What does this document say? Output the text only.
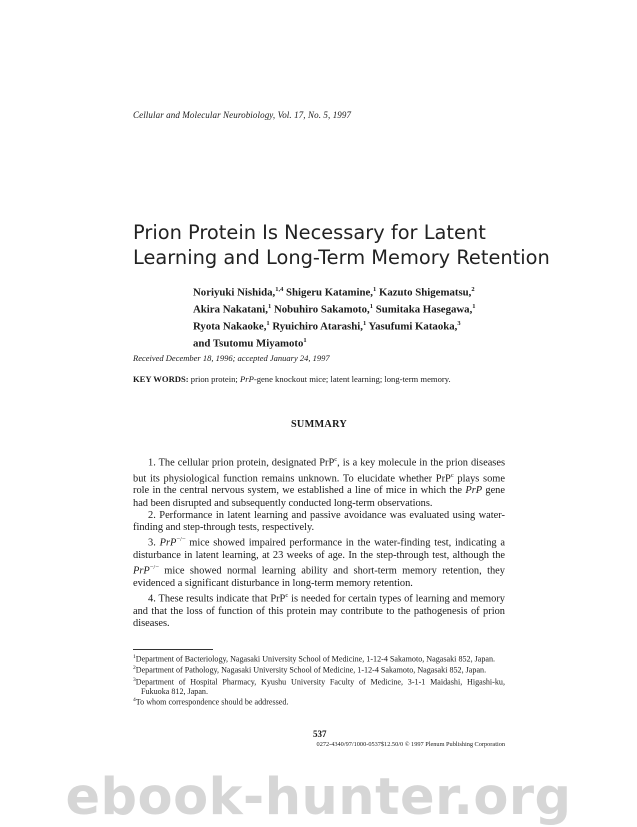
Cellular and Molecular Neurobiology, Vol. 17, No. 5, 1997
Prion Protein Is Necessary for Latent
Learning and Long-Term Memory Retention
Noriyuki Nishida,$^{1,4}$ Shigeru Katamine,$^1$ Kazuto Shigematsu,$^2$
Akira Nakatani,$^1$ Nobuhiro Sakamoto,$^1$ Sumitaka Hasegawa,$^1$
Ryota Nakaoke,$^1$ Ryuichiro Atarashi,$^1$ Yasufumi Kataoka,$^3$
and Tsutomu Miyamoto$^1$
Received December 18, 1996; accepted January 24, 1997
KEY WORDS: prion protein; PrP-gene knockout mice; latent learning; long-term memory.
SUMMARY

1. The cellular prion protein, designated PrP$^c$, is a key molecule in the prion diseases but its physiological function remains unknown. To elucidate whether PrP$^c$ plays some role in the central nervous system, we established a line of mice in which the PrP gene had been disrupted and subsequently conducted long-term observations.

2. Performance in latent learning and passive avoidance was evaluated using water-finding and step-through tests, respectively.

3. PrP−/− mice showed impaired performance in the water-finding test, indicating a disturbance in latent learning, at 23 weeks of age. In the step-through test, although the PrP−/− mice showed normal learning ability and short-term memory retention, they evidenced a significant disturbance in long-term memory retention.

4. These results indicate that PrP$^c$ is needed for certain types of learning and memory and that the loss of function of this protein may contribute to the pathogenesis of prion diseases.

$^1$Department of Bacteriology, Nagasaki University School of Medicine, 1-12-4 Sakamoto, Nagasaki 852, Japan.

$^2$Department of Pathology, Nagasaki University School of Medicine, 1-12-4 Sakamoto, Nagasaki 852, Japan.

$^3$Department of Hospital Pharmacy, Kyushu University Faculty of Medicine, 3-1-1 Maidashi, Higashi-ku, Fukuoka 812, Japan.

$^4$To whom correspondence should be addressed.

537
0272-4340/97/1000-0537$12.50/0 © 1997 Plenum Publishing Corporation
ebook-hunter.org
